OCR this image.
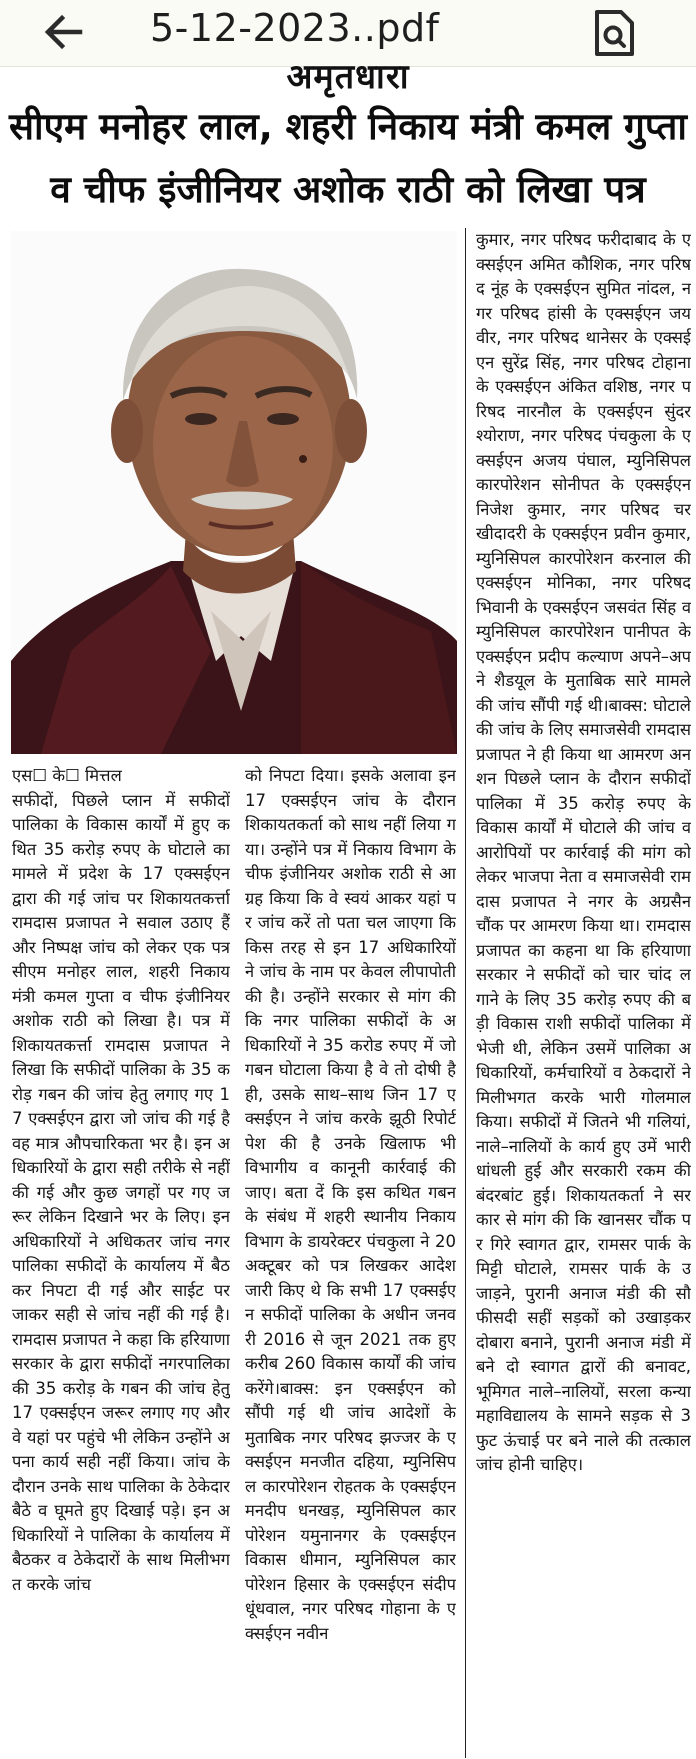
5-12-2023..pdf
अमृतधारा
सीएम मनोहर लाल, शहरी निकाय मंत्री कमल गुप्ता
व चीफ इंजीनियर अशोक राठी को लिखा पत्र
एस☐ के☐ मित्तल
सफीदों, पिछले प्लान में सफीदों पालिका के विकास कार्यों में हुए कथित 35 करोड़ रुपए के घोटाले का मामले में प्रदेश के 17 एक्सईएन द्वारा की गई जांच पर शिकायतकर्त्ता रामदास प्रजापत ने सवाल उठाए हैं और निष्पक्ष जांच को लेकर एक पत्र सीएम मनोहर लाल, शहरी निकाय मंत्री कमल गुप्ता व चीफ इंजीनियर अशोक राठी को लिखा है। पत्र में शिकायतकर्त्ता रामदास प्रजापत ने लिखा कि सफीदों पालिका के 35 करोड़ गबन की जांच हेतु लगाए गए 17 एक्सईएन द्वारा जो जांच की गई है वह मात्र औपचारिकता भर है। इन अधिकारियों के द्वारा सही तरीके से नहीं की गई और कुछ जगहों पर गए जरूर लेकिन दिखाने भर के लिए। इन अधिकारियों ने अधिकतर जांच नगरपालिका सफीदों के कार्यालय में बैठकर निपटा दी गई और साईट पर जाकर सही से जांच नहीं की गई है। रामदास प्रजापत ने कहा कि हरियाणा सरकार के द्वारा सफीदों नगरपालिका की 35 करोड़ के गबन की जांच हेतु 17 एक्सईएन जरूर लगाए गए और वे यहां पर पहुंचे भी लेकिन उन्होंने अपना कार्य सही नहीं किया। जांच के दौरान उनके साथ पालिका के ठेकेदार बैठे व घूमते हुए दिखाई पड़े। इन अधिकारियों ने पालिका के कार्यालय में बैठकर व ठेकेदारों के साथ मिलीभगत करके जांच
को निपटा दिया। इसके अलावा इन 17 एक्सईएन जांच के दौरान शिकायतकर्ता को साथ नहीं लिया गया। उन्होंने पत्र में निकाय विभाग के चीफ इंजीनियर अशोक राठी से आग्रह किया कि वे स्वयं आकर यहां पर जांच करें तो पता चल जाएगा कि किस तरह से इन 17 अधिकारियों ने जांच के नाम पर केवल लीपापोती की है। उन्होंने सरकार से मांग की कि नगर पालिका सफीदों के अधिकारियों ने 35 करोड रुपए में जो गबन घोटाला किया है वे तो दोषी है ही, उसके साथ–साथ जिन 17 एक्सईएन ने जांच करके झूठी रिपोर्ट पेश की है उनके खिलाफ भी विभागीय व कानूनी कार्रवाई की जाए। बता दें कि इस कथित गबन के संबंध में शहरी स्थानीय निकाय विभाग के डायरेक्टर पंचकुला ने 20 अक्टूबर को पत्र लिखकर आदेश जारी किए थे कि सभी 17 एक्सईएन सफीदों पालिका के अधीन जनवरी 2016 से जून 2021 तक हुए करीब 260 विकास कार्यों की जांच करेंगे।बाक्स: इन एक्सईएन को सौंपी गई थी जांच आदेशों के मुताबिक नगर परिषद झज्जर के एक्सईएन मनजीत दहिया, म्युनिसिपल कारपोरेशन रोहतक के एक्सईएन मनदीप धनखड़, म्युनिसिपल कारपोरेशन यमुनानगर के एक्सईएन विकास धीमान, म्युनिसिपल कारपोरेशन हिसार के एक्सईएन संदीप धूंधवाल, नगर परिषद गोहाना के एक्सईएन नवीन
कुमार, नगर परिषद फरीदाबाद के एक्सईएन अमित कौशिक, नगर परिषद नूंह के एक्सईएन सुमित नांदल, नगर परिषद हांसी के एक्सईएन जयवीर, नगर परिषद थानेसर के एक्सईएन सुरेंद्र सिंह, नगर परिषद टोहाना के एक्सईएन अंकित वशिष्ठ, नगर परिषद नारनौल के एक्सईएन सुंदर श्योराण, नगर परिषद पंचकुला के एक्सईएन अजय पंघाल, म्युनिसिपल कारपोरेशन सोनीपत के एक्सईएन निजेश कुमार, नगर परिषद चरखीदादरी के एक्सईएन प्रवीन कुमार, म्युनिसिपल कारपोरेशन करनाल की एक्सईएन मोनिका, नगर परिषद भिवानी के एक्सईएन जसवंत सिंह व म्युनिसिपल कारपोरेशन पानीपत के एक्सईएन प्रदीप कल्याण अपने–अपने शैडयूल के मुताबिक सारे मामले की जांच सौंपी गई थी।बाक्स: घोटाले की जांच के लिए समाजसेवी रामदास प्रजापत ने ही किया था आमरण अनशन पिछले प्लान के दौरान सफीदों पालिका में 35 करोड़ रुपए के विकास कार्यों में घोटाले की जांच व आरोपियों पर कार्रवाई की मांग को लेकर भाजपा नेता व समाजसेवी रामदास प्रजापत ने नगर के अग्रसैन चौंक पर आमरण किया था। रामदास प्रजापत का कहना था कि हरियाणा सरकार ने सफीदों को चार चांद लगाने के लिए 35 करोड़ रुपए की बड़ी विकास राशी सफीदों पालिका में भेजी थी, लेकिन उसमें पालिका अधिकारियों, कर्मचारियों व ठेकदारों ने मिलीभगत करके भारी गोलमाल किया। सफीदों में जितने भी गलियां, नाले–नालियों के कार्य हुए उमें भारी धांधली हुई और सरकारी रकम की बंदरबांट हुई। शिकायतकर्ता ने सरकार से मांग की कि खानसर चौंक पर गिरे स्वागत द्वार, रामसर पार्क के मिट्टी घोटाले, रामसर पार्क के उजाड़ने, पुरानी अनाज मंडी की सौ फीसदी सहीं सड़कों को उखाड़कर दोबारा बनाने, पुरानी अनाज मंडी में बने दो स्वागत द्वारों की बनावट, भूमिगत नाले–नालियों, सरला कन्या महाविद्यालय के सामने सड़क से 3 फुट ऊंचाई पर बने नाले की तत्काल जांच होनी चाहिए।
